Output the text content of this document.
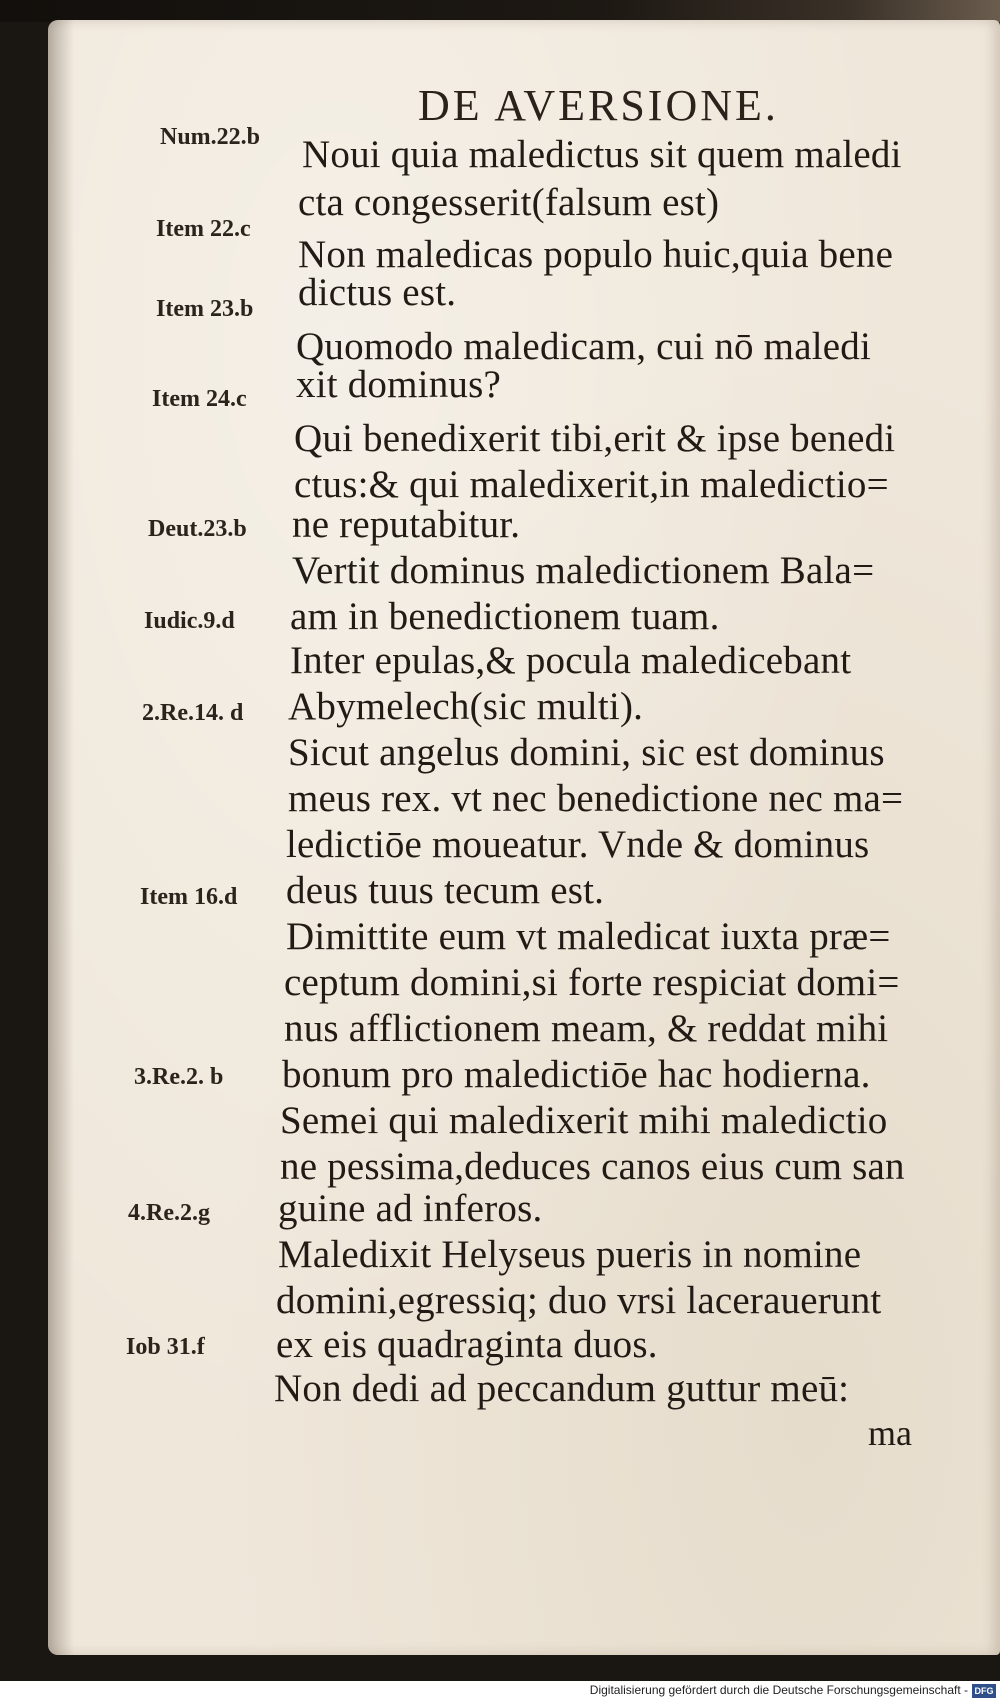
DE AVERSIONE.
Num.22.b
Item 22.c
Item 23.b
Item 24.c
Deut.23.b
Iudic.9.d
2.Re.14. d
Item 16.d
3.Re.2. b
4.Re.2.g
Iob 31.f
Noui quia maledictus sit quem maledi
cta congesserit(falsum est)
Non maledicas populo huic,quia bene
dictus est.
Quomodo maledicam, cui nō maledi
xit dominus?
Qui benedixerit tibi,erit & ipse benedi
ctus:& qui maledixerit,in maledictio=
ne reputabitur.
Vertit dominus maledictionem Bala=
am in benedictionem tuam.
Inter epulas,& pocula maledicebant
Abymelech(sic multi).
Sicut angelus domini, sic est dominus
meus rex. vt nec benedictione nec ma=
ledictiōe moueatur. Vnde & dominus
deus tuus tecum est.
Dimittite eum vt maledicat iuxta præ=
ceptum domini,si forte respiciat domi=
nus afflictionem meam, & reddat mihi
bonum pro maledictiōe hac hodierna.
Semei qui maledixerit mihi maledictio
ne pessima,deduces canos eius cum san
guine ad inferos.
Maledixit Helyseus pueris in nomine
domini,egressiq; duo vrsi lacerauerunt
ex eis quadraginta duos.
Non dedi ad peccandum guttur meū:
ma
Digitalisierung gefördert durch die Deutsche Forschungsgemeinschaft - DFG
